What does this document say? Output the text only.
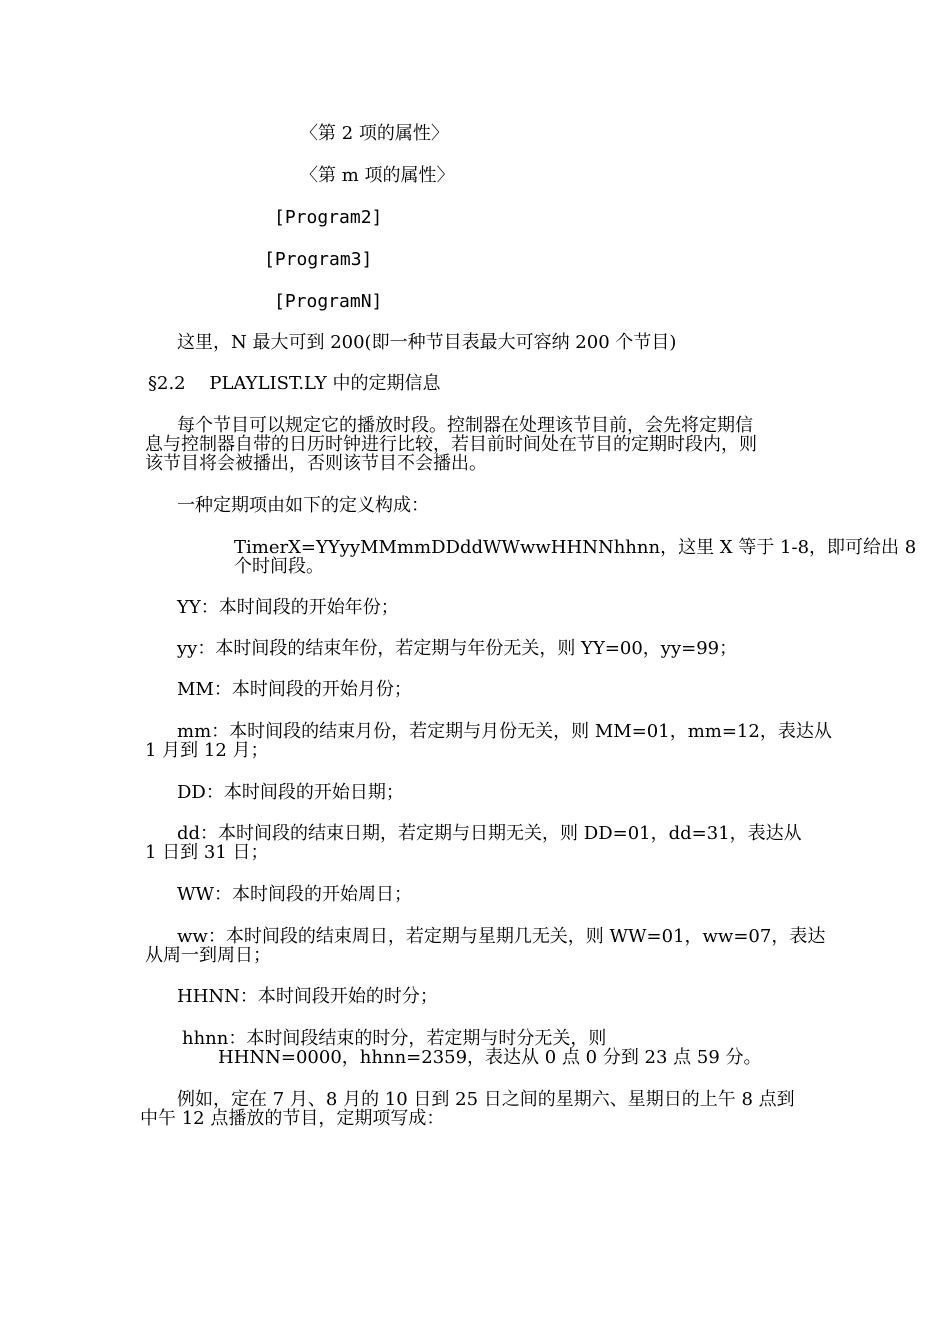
〈第 2 项的属性〉
〈第 m 项的属性〉
[Program2]
[Program3]
[ProgramN]
这里，N 最大可到 200(即一种节目表最大可容纳 200 个节目)
§2.2　 PLAYLIST.LY 中的定期信息
每个节目可以规定它的播放时段。控制器在处理该节目前，会先将定期信
息与控制器自带的日历时钟进行比较，若目前时间处在节目的定期时段内，则
该节目将会被播出，否则该节目不会播出。
一种定期项由如下的定义构成：
TimerX=YYyyMMmmDDddWWwwHHNNhhnn，这里 X 等于 1-8，即可给出 8
个时间段。
YY：本时间段的开始年份；
yy：本时间段的结束年份，若定期与年份无关，则 YY=00，yy=99；
MM：本时间段的开始月份；
mm：本时间段的结束月份，若定期与月份无关，则 MM=01，mm=12，表达从
1 月到 12 月；
DD：本时间段的开始日期；
dd：本时间段的结束日期，若定期与日期无关，则 DD=01，dd=31，表达从
1 日到 31 日；
WW：本时间段的开始周日；
ww：本时间段的结束周日，若定期与星期几无关，则 WW=01，ww=07，表达
从周一到周日；
HHNN：本时间段开始的时分；
hhnn：本时间段结束的时分，若定期与时分无关，则
HHNN=0000，hhnn=2359，表达从 0 点 0 分到 23 点 59 分。
例如，定在 7 月、8 月的 10 日到 25 日之间的星期六、星期日的上午 8 点到
中午 12 点播放的节目，定期项写成：
